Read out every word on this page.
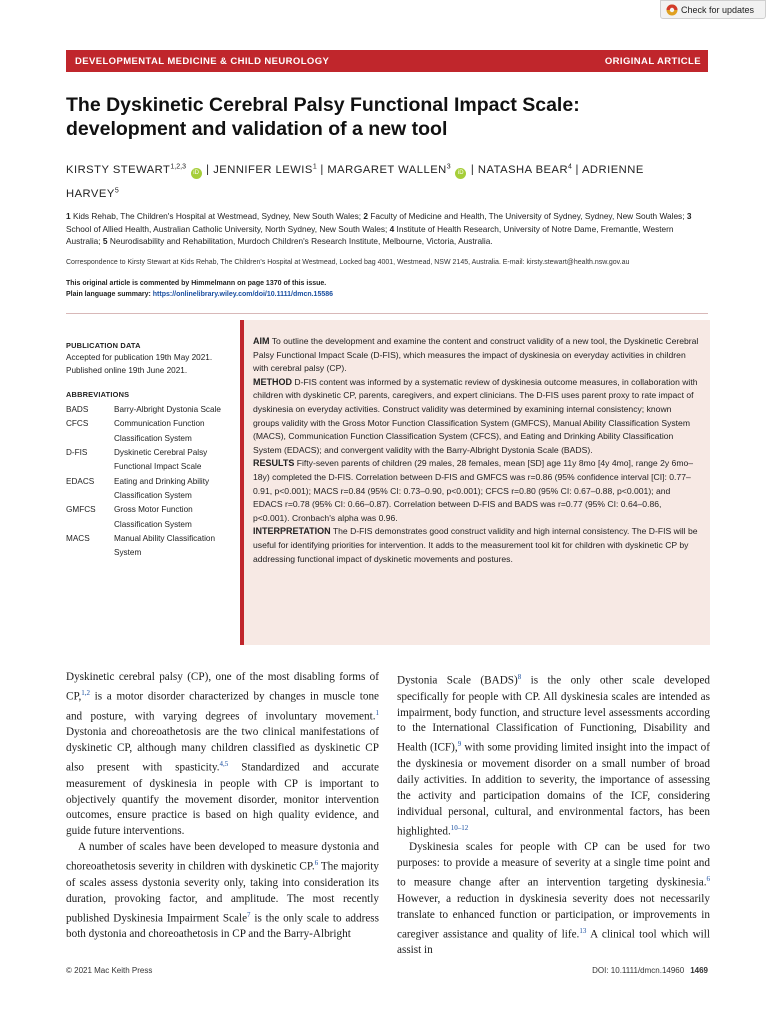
Check for updates
DEVELOPMENTAL MEDICINE & CHILD NEUROLOGY	ORIGINAL ARTICLE
The Dyskinetic Cerebral Palsy Functional Impact Scale: development and validation of a new tool
KIRSTY STEWART$^{1,2,3}$ iD | JENNIFER LEWIS$^1$ | MARGARET WALLEN$^3$ iD | NATASHA BEAR$^4$ | ADRIENNE HARVEY$^5$
1 Kids Rehab, The Children's Hospital at Westmead, Sydney, New South Wales; 2 Faculty of Medicine and Health, The University of Sydney, Sydney, New South Wales; 3 School of Allied Health, Australian Catholic University, North Sydney, New South Wales; 4 Institute of Health Research, University of Notre Dame, Fremantle, Western Australia; 5 Neurodisability and Rehabilitation, Murdoch Children's Research Institute, Melbourne, Victoria, Australia.
Correspondence to Kirsty Stewart at Kids Rehab, The Children's Hospital at Westmead, Locked bag 4001, Westmead, NSW 2145, Australia. E-mail: kirsty.stewart@health.nsw.gov.au
This original article is commented by Himmelmann on page 1370 of this issue.
Plain language summary: https://onlinelibrary.wiley.com/doi/10.1111/dmcn.15586
PUBLICATION DATA
Accepted for publication 19th May 2021.
Published online 19th June 2021.
ABBREVIATIONS
BADS	Barry-Albright Dystonia Scale
CFCS	Communication Function Classification System
D-FIS	Dyskinetic Cerebral Palsy Functional Impact Scale
EDACS	Eating and Drinking Ability Classification System
GMFCS	Gross Motor Function Classification System
MACS	Manual Ability Classification System

AIM To outline the development and examine the content and construct validity of a new tool, the Dyskinetic Cerebral Palsy Functional Impact Scale (D-FIS), which measures the impact of dyskinesia on everyday activities in children with cerebral palsy (CP).

METHOD D-FIS content was informed by a systematic review of dyskinesia outcome measures, in collaboration with children with dyskinetic CP, parents, caregivers, and expert clinicians. The D-FIS uses parent proxy to rate impact of dyskinesia on everyday activities. Construct validity was determined by examining internal consistency; known groups validity with the Gross Motor Function Classification System (GMFCS), Manual Ability Classification System (MACS), Communication Function Classification System (CFCS), and Eating and Drinking Ability Classification System (EDACS); and convergent validity with the Barry-Albright Dystonia Scale (BADS).

RESULTS Fifty-seven parents of children (29 males, 28 females, mean [SD] age 11y 8mo [4y 4mo], range 2y 6mo–18y) completed the D-FIS. Correlation between D-FIS and GMFCS was r=0.86 (95% confidence interval [CI]: 0.77–0.91, p<0.001); MACS r=0.84 (95% CI: 0.73–0.90, p<0.001); CFCS r=0.80 (95% CI: 0.67–0.88, p<0.001); and EDACS r=0.78 (95% CI: 0.66–0.87). Correlation between D-FIS and BADS was r=0.77 (95% CI: 0.64–0.86, p<0.001). Cronbach's alpha was 0.96.

INTERPRETATION The D-FIS demonstrates good construct validity and high internal consistency. The D-FIS will be useful for identifying priorities for intervention. It adds to the measurement tool kit for children with dyskinetic CP by addressing functional impact of dyskinetic movements and postures.

Dyskinetic cerebral palsy (CP), one of the most disabling forms of CP,$^{1,2}$ is a motor disorder characterized by changes in muscle tone and posture, with varying degrees of involuntary movement.$^1$ Dystonia and choreoathetosis are the two clinical manifestations of dyskinetic CP, although many children classified as dyskinetic CP also present with spasticity.$^{4,5}$ Standardized and accurate measurement of dyskinesia in people with CP is important to objectively quantify the movement disorder, monitor intervention outcomes, ensure practice is based on high quality evidence, and guide future interventions.

A number of scales have been developed to measure dystonia and choreoathetosis severity in children with dyskinetic CP.$^6$ The majority of scales assess dystonia severity only, taking into consideration its duration, provoking factor, and amplitude. The most recently published Dyskinesia Impairment Scale$^7$ is the only scale to address both dystonia and choreoathetosis in CP and the Barry-Albright

Dystonia Scale (BADS)$^8$ is the only other scale developed specifically for people with CP. All dyskinesia scales are intended as impairment, body function, and structure level assessments according to the International Classification of Functioning, Disability and Health (ICF),$^9$ with some providing limited insight into the impact of the dyskinesia or movement disorder on a small number of broad daily activities. In addition to severity, the importance of assessing the activity and participation domains of the ICF, considering individual personal, cultural, and environmental factors, has been highlighted.$^{10-12}$

Dyskinesia scales for people with CP can be used for two purposes: to provide a measure of severity at a single time point and to measure change after an intervention targeting dyskinesia.$^6$ However, a reduction in dyskinesia severity does not necessarily translate to enhanced function or participation, or improvements in caregiver assistance and quality of life.$^{13}$ A clinical tool which will assist in

© 2021 Mac Keith Press	DOI: 10.1111/dmcn.14960 1469
